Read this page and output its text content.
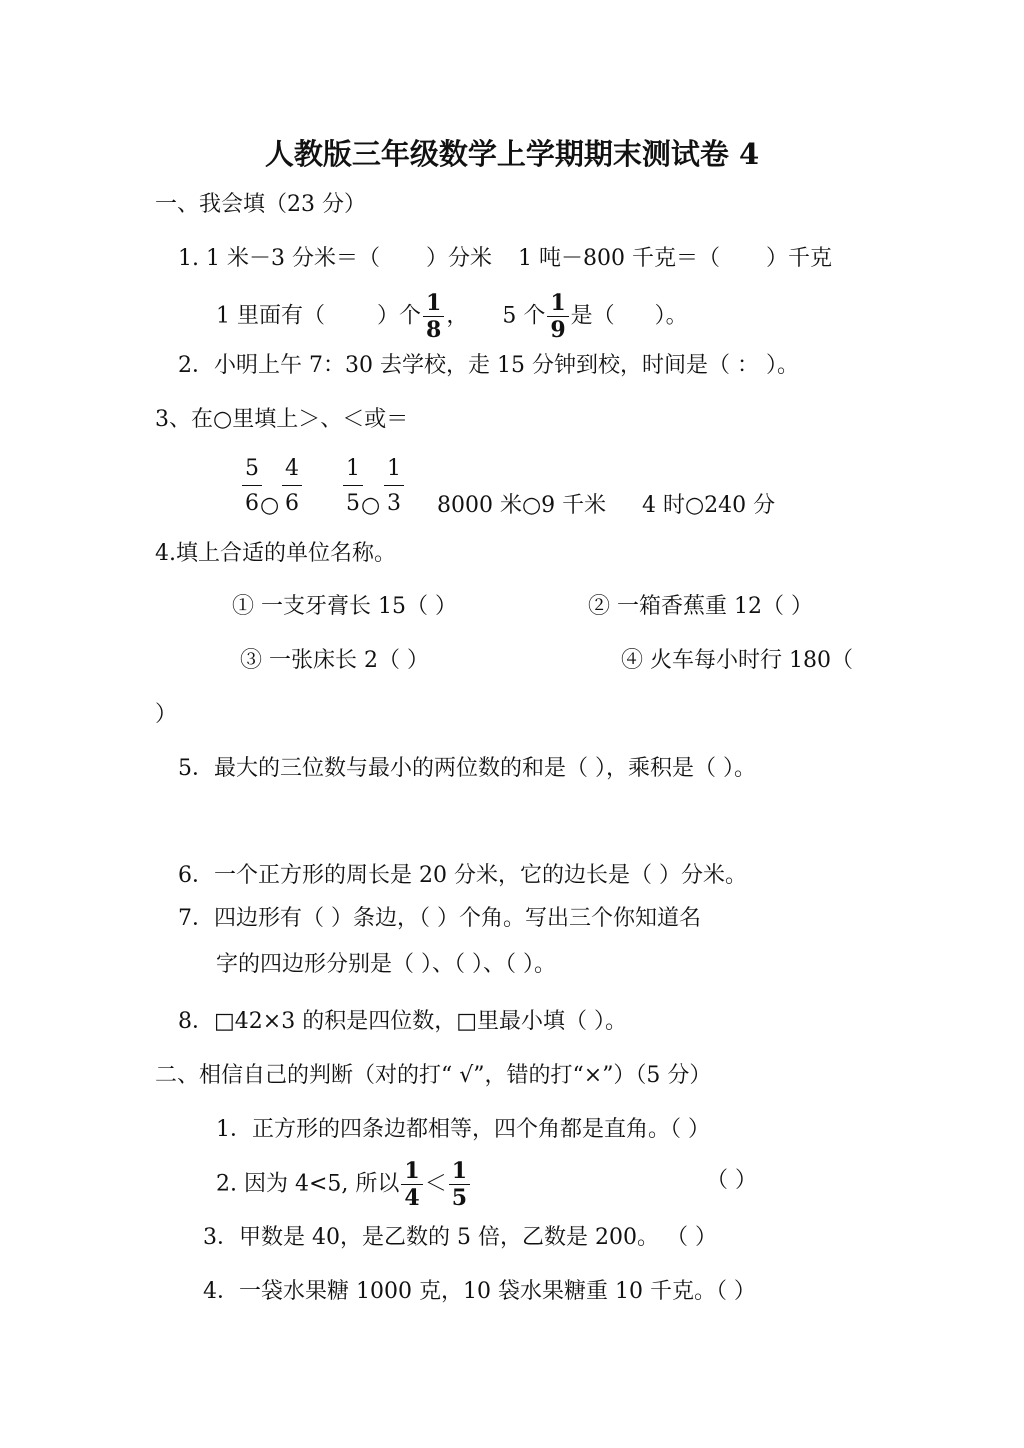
人教版三年级数学上学期期末测试卷 4
一、我会填（23 分）
1. 1 米－3 分米＝（ ）分米 1 吨－800 千克＝（ ）千克
1 里面有（ ）个 $\frac{1}{8}$ ， 5 个 $\frac{1}{9}$ 是（ ）。
2．小明上午 7：30 去学校，走 15 分钟到校，时间是（ ： ）。
3、在○里填上＞、＜或＝
5
6 ○
4
6
1
5 ○
1
3 8000 米○9 千米 4 时○240 分
4.填上合适的单位名称。
① 一支牙膏长 15（ ）	② 一箱香蕉重 12（ ）
③ 一张床长 2（ ）	④ 火车每小时行 180（
）
5．最大的三位数与最小的两位数的和是（ ），乘积是（ ）。
6．一个正方形的周长是 20 分米，它的边长是（ ）分米。
7．四边形有（ ）条边，（ ）个角。写出三个你知道名
字的四边形分别是（ ）、（ ）、（ ）。
8．□42×3 的积是四位数，□里最小填（ ）。
二、相信自己的判断（对的打“ √”，错的打“×”）（5 分）
1．正方形的四条边都相等，四个角都是直角。（ ）
2. 因为 4<5, 所以 $\frac{1}{4} < \frac{1}{5}$	（ ）
3．甲数是 40，是乙数的 5 倍，乙数是 200。 （ ）
4．一袋水果糖 1000 克，10 袋水果糖重 10 千克。（ ）
